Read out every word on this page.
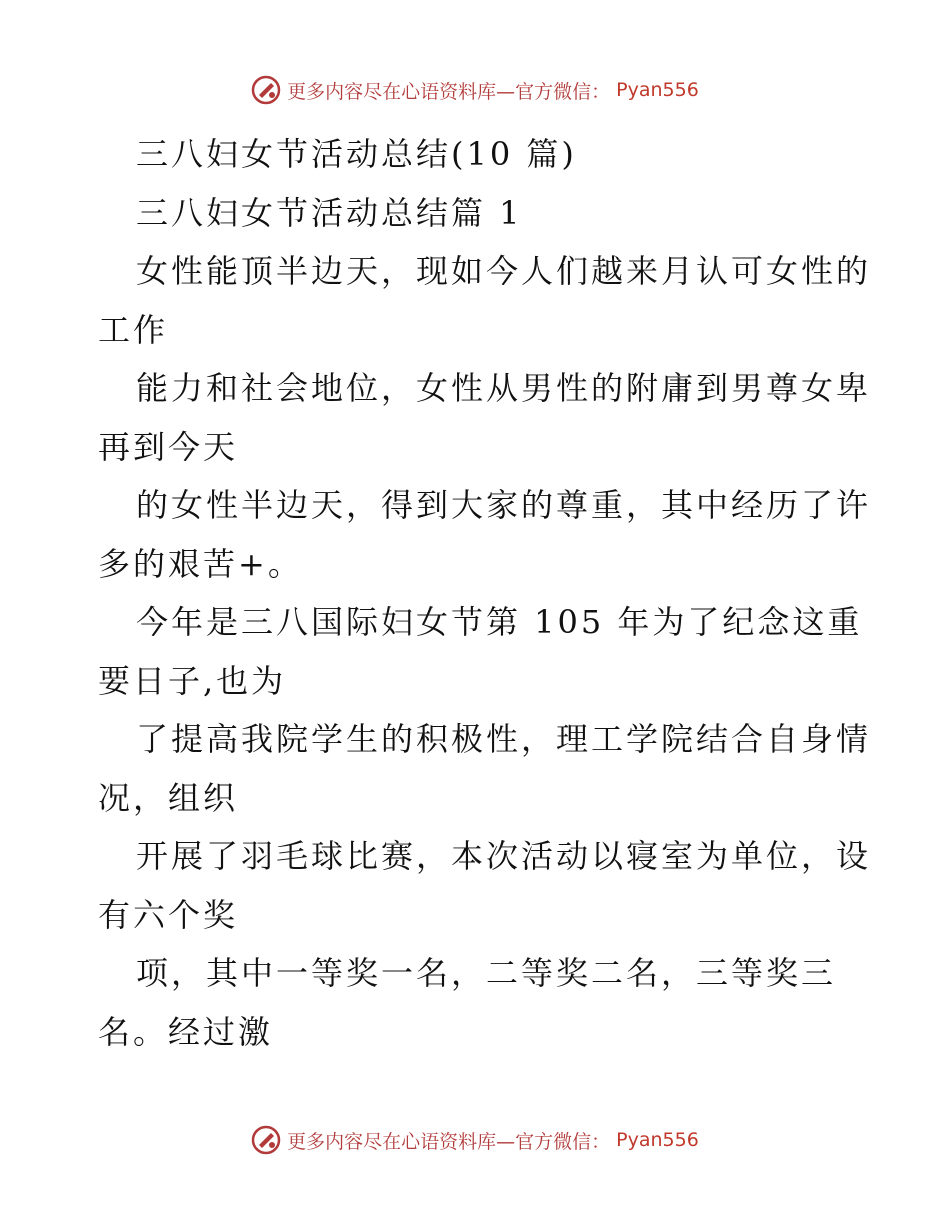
更多内容尽在心语资料库—官方微信： Pyan556
三八妇女节活动总结(10 篇)
三八妇女节活动总结篇 1
女性能顶半边天，现如今人们越来月认可女性的
工作
能力和社会地位，女性从男性的附庸到男尊女卑
再到今天
的女性半边天，得到大家的尊重，其中经历了许
多的艰苦+。
今年是三八国际妇女节第 105 年为了纪念这重
要日子,也为
了提高我院学生的积极性，理工学院结合自身情
况，组织
开展了羽毛球比赛，本次活动以寝室为单位，设
有六个奖
项，其中一等奖一名，二等奖二名，三等奖三
名。经过激
更多内容尽在心语资料库—官方微信： Pyan556
